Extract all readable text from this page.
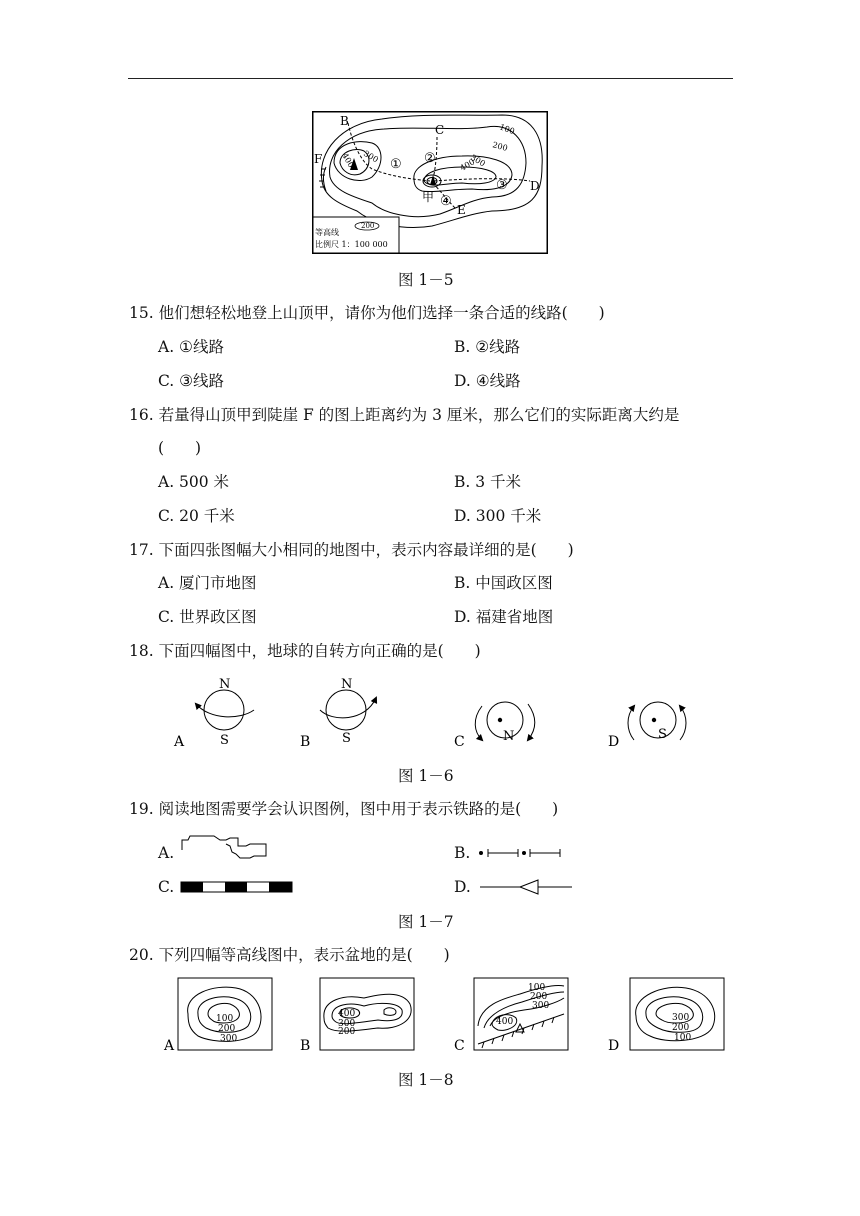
B
C
D
E
F
甲
① ②
③
④
100
200
300
400	300
400
等高线
200
比例尺 1：100 000
图 1－5
15. 他们想轻松地登上山顶甲，请你为他们选择一条合适的线路(　　)
A. ①线路	B. ②线路
C. ③线路	D. ④线路
16. 若量得山顶甲到陡崖 F 的图上距离约为 3 厘米，那么它们的实际距离大约是
(　　)
A. 500 米	B. 3 千米
C. 20 千米	D. 300 千米
17. 下面四张图幅大小相同的地图中，表示内容最详细的是(　　)
A. 厦门市地图	B. 中国政区图
C. 世界政区图	D. 福建省地图
18. 下面四幅图中，地球的自转方向正确的是(　　)
A
N
S	B
N
S	C	N	D	S
图 1－6
19. 阅读地图需要学会认识图例，图中用于表示铁路的是(　　)
A.	B.
C.	D.
图 1－7
20. 下列四幅等高线图中，表示盆地的是(　　)
A
100
200
300	B
400
300
200
C
100
200
300
400
D
300
200
100
图 1－8
